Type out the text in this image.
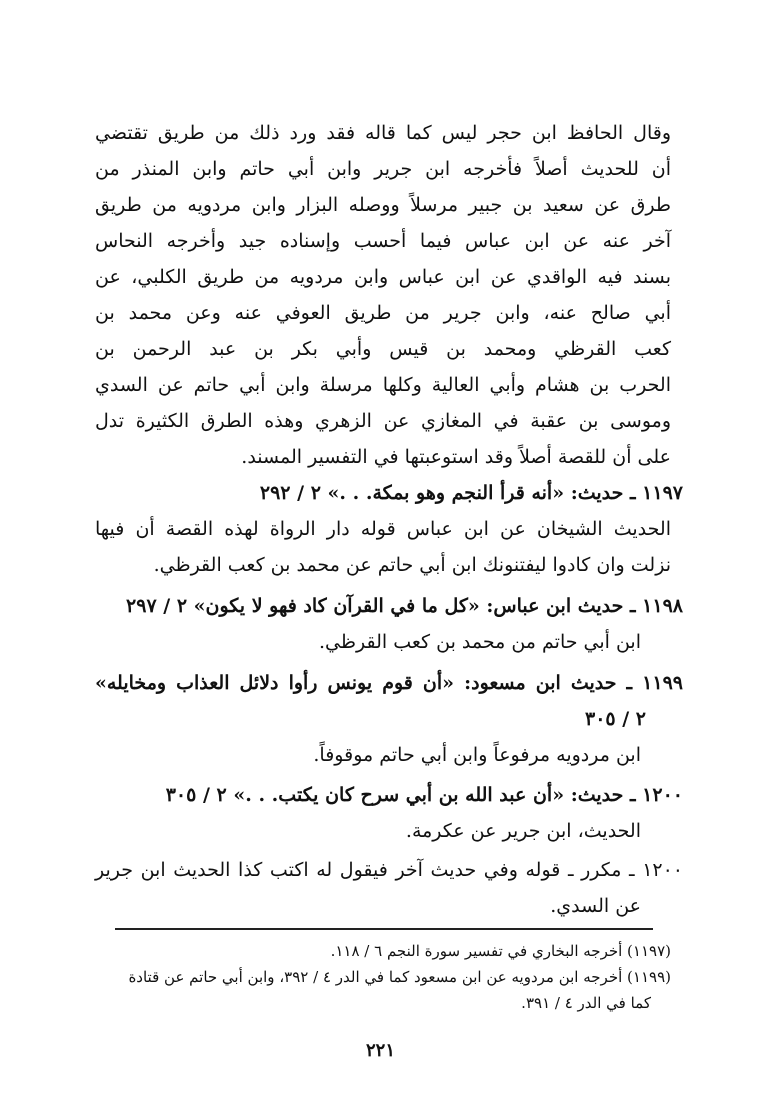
وقال الحافظ ابن حجر ليس كما قاله فقد ورد ذلك من طريق تقتضي
أن للحديث أصلاً فأخرجه ابن جرير وابن أبي حاتم وابن المنذر من
طرق عن سعيد بن جبير مرسلاً ووصله البزار وابن مردويه من طريق
آخر عنه عن ابن عباس فيما أحسب وإسناده جيد وأخرجه النحاس
بسند فيه الواقدي عن ابن عباس وابن مردويه من طريق الكلبي، عن
أبي صالح عنه، وابن جرير من طريق العوفي عنه وعن محمد بن
كعب القرظي ومحمد بن قيس وأبي بكر بن عبد الرحمن بن
الحرب بن هشام وأبي العالية وكلها مرسلة وابن أبي حاتم عن السدي
وموسى بن عقبة في المغازي عن الزهري وهذه الطرق الكثيرة تدل
على أن للقصة أصلاً وقد استوعبتها في التفسير المسند.
١١٩٧ ـ حديث: «أنه قرأ النجم وهو بمكة. . .» ٢ / ٢٩٢
الحديث الشيخان عن ابن عباس قوله دار الرواة لهذه القصة أن فيها
نزلت وان كادوا ليفتنونك ابن أبي حاتم عن محمد بن كعب القرظي.
١١٩٨ ـ حديث ابن عباس: «كل ما في القرآن كاد فهو لا يكون» ٢ / ٢٩٧
ابن أبي حاتم من محمد بن كعب القرظي.
١١٩٩ ـ حديث ابن مسعود: «أن قوم يونس رأوا دلائل العذاب ومخايله»
٢ / ٣٠٥
ابن مردويه مرفوعاً وابن أبي حاتم موقوفاً.
١٢٠٠ ـ حديث: «أن عبد الله بن أبي سرح كان يكتب. . .» ٢ / ٣٠٥
الحديث، ابن جرير عن عكرمة.
١٢٠٠ ـ مكرر ـ قوله وفي حديث آخر فيقول له اكتب كذا الحديث ابن جرير
عن السدي.
(١١٩٧) أخرجه البخاري في تفسير سورة النجم ٦ / ١١٨.
(١١٩٩) أخرجه ابن مردويه عن ابن مسعود كما في الدر ٤ / ٣٩٢، وابن أبي حاتم عن قتادة
كما في الدر ٤ / ٣٩١.
٢٢١
